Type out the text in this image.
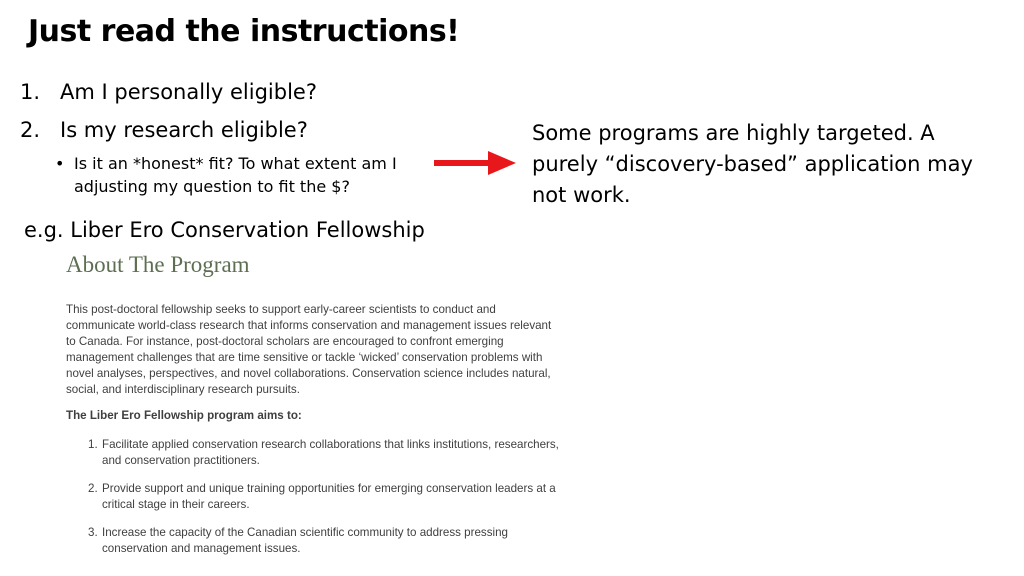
Just read the instructions!
1. Am I personally eligible?
2. Is my research eligible?
• Is it an *honest* fit? To what extent am I adjusting my question to fit the $?
Some programs are highly targeted. A purely “discovery-based” application may not work.
e.g. Liber Ero Conservation Fellowship
About The Program

This post-doctoral fellowship seeks to support early-career scientists to conduct and communicate world-class research that informs conservation and management issues relevant to Canada. For instance, post-doctoral scholars are encouraged to confront emerging management challenges that are time sensitive or tackle ‘wicked’ conservation problems with novel analyses, perspectives, and novel collaborations. Conservation science includes natural, social, and interdisciplinary research pursuits.

The Liber Ero Fellowship program aims to:

1. Facilitate applied conservation research collaborations that links institutions, researchers, and conservation practitioners.
2. Provide support and unique training opportunities for emerging conservation leaders at a critical stage in their careers.
3. Increase the capacity of the Canadian scientific community to address pressing conservation and management issues.
